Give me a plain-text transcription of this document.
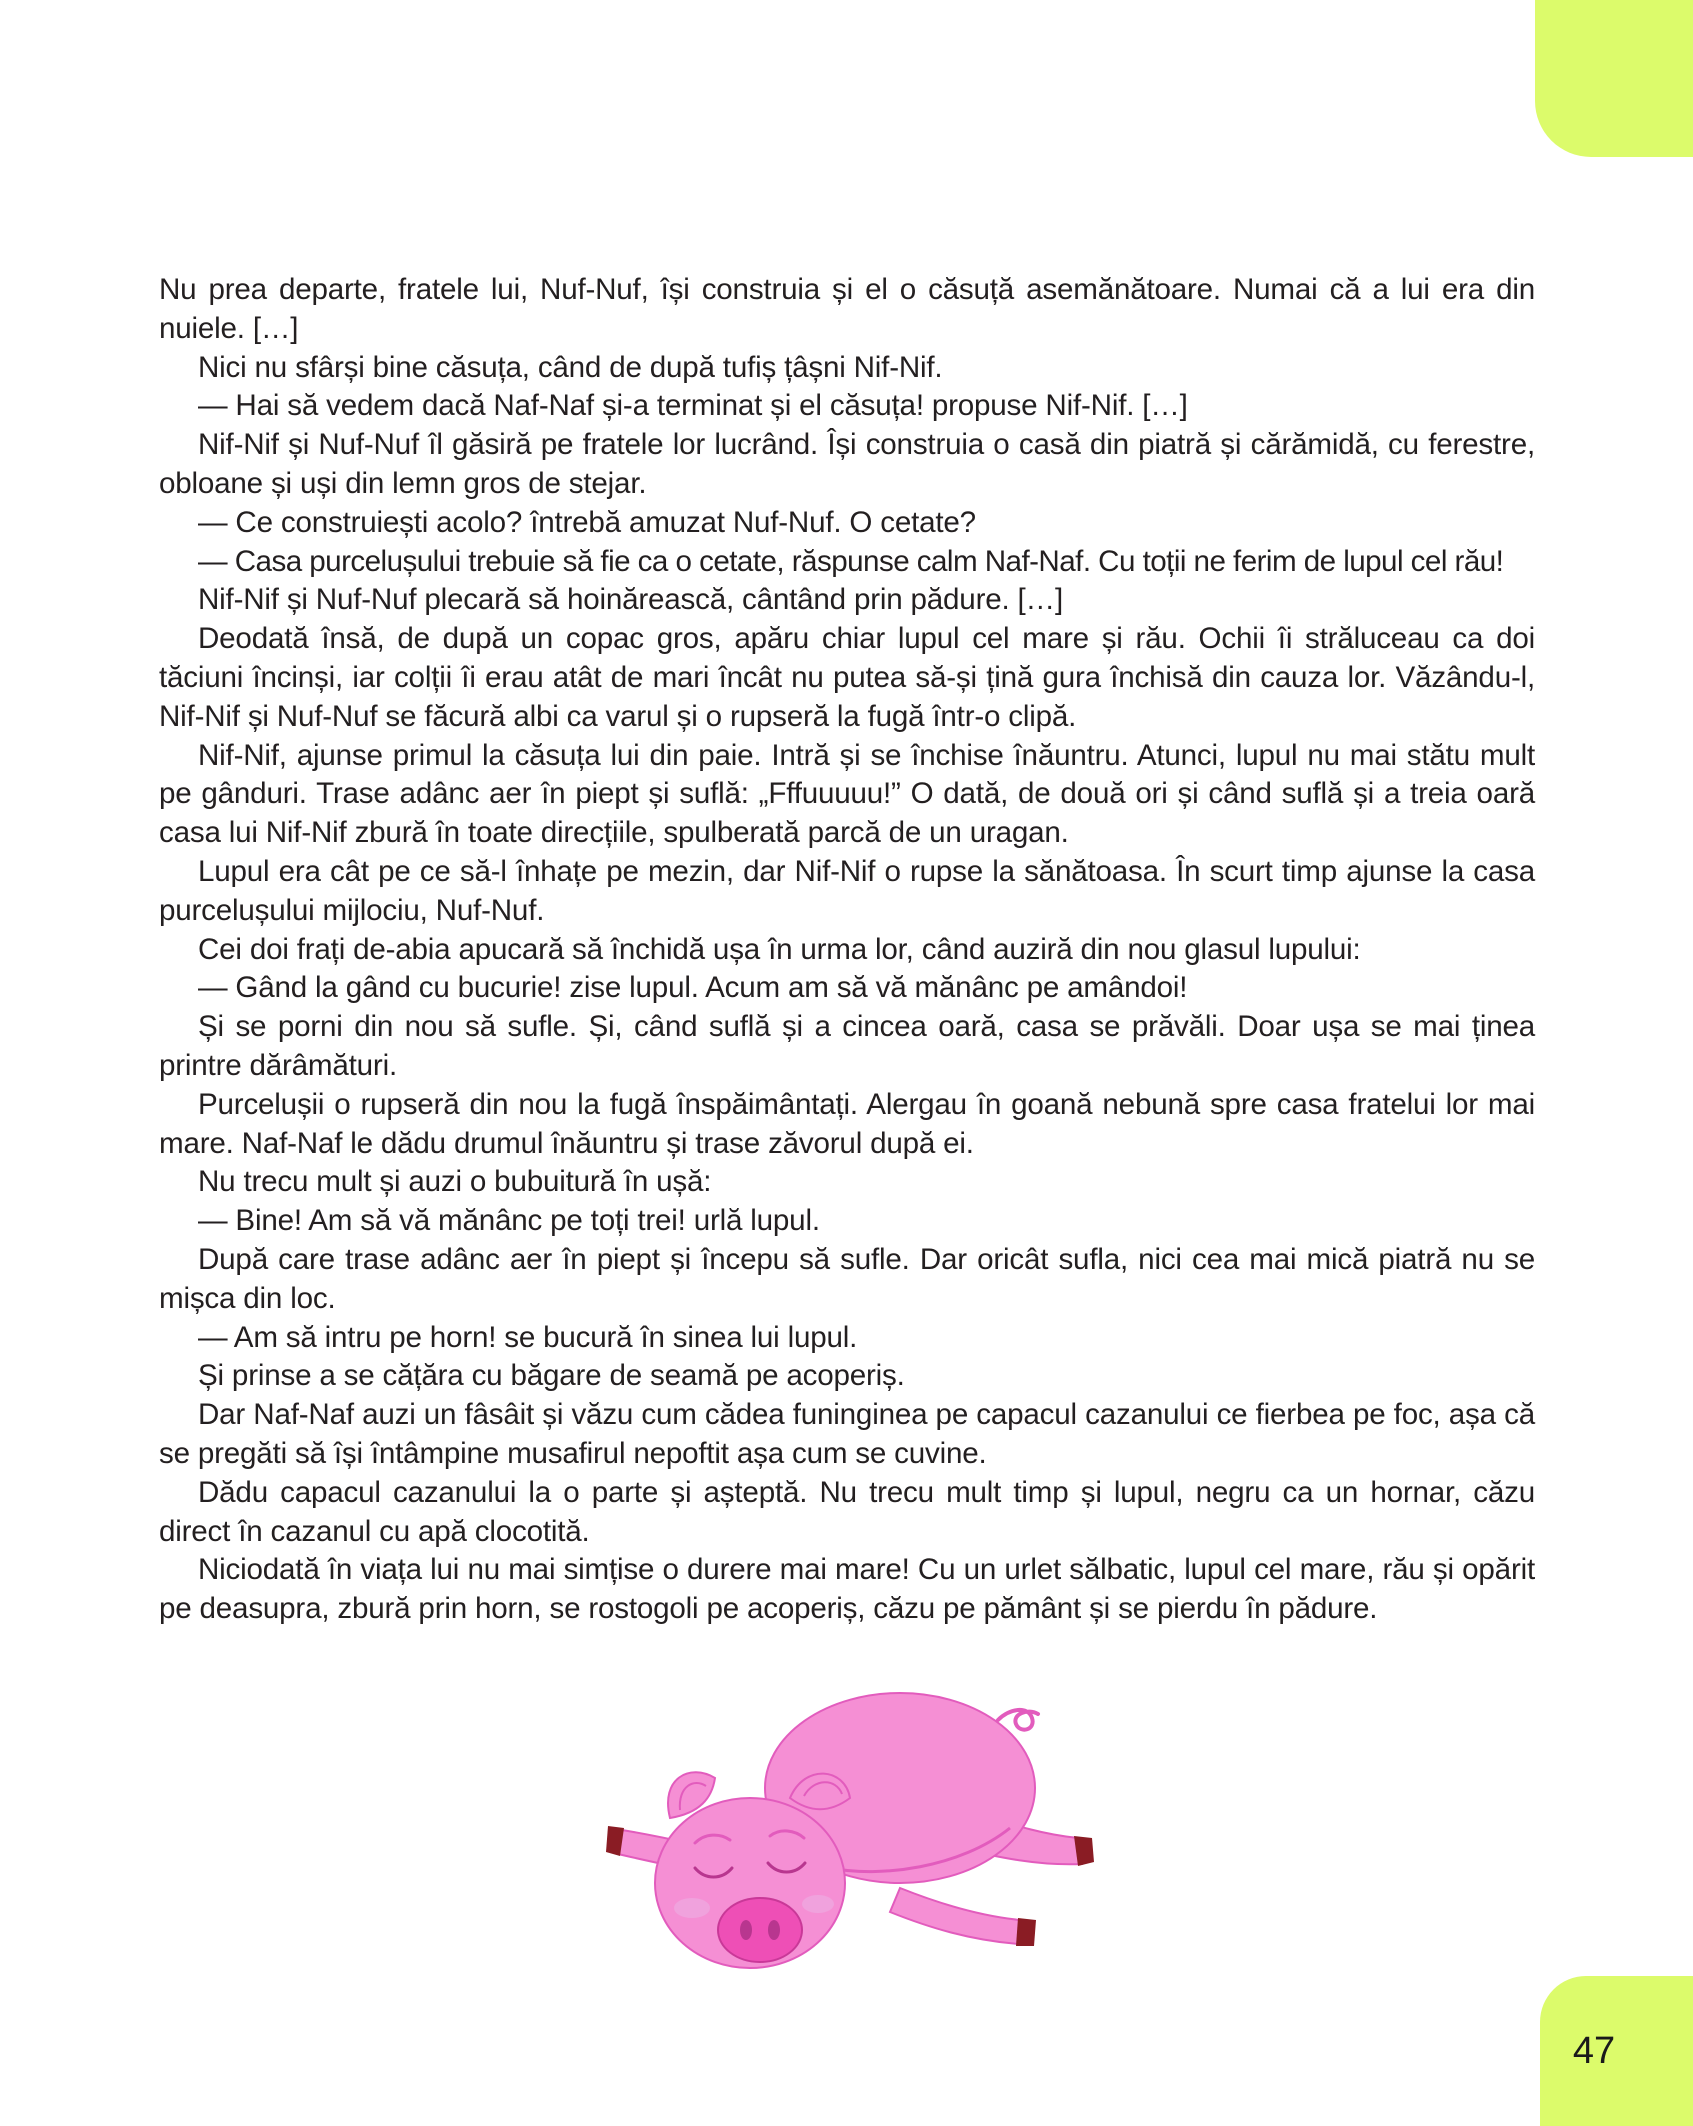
Nu prea departe, fratele lui, Nuf-Nuf, își construia și el o căsuță asemănătoare. Numai că a lui era din nuiele. […]

Nici nu sfârși bine căsuța, când de după tufiș țâșni Nif-Nif.

— Hai să vedem dacă Naf-Naf și-a terminat și el căsuța! propuse Nif-Nif. […]

Nif-Nif și Nuf-Nuf îl găsiră pe fratele lor lucrând. Își construia o casă din piatră și cărămidă, cu ferestre, obloane și uși din lemn gros de stejar.

— Ce construiești acolo? întrebă amuzat Nuf-Nuf. O cetate?

— Casa purcelușului trebuie să fie ca o cetate, răspunse calm Naf-Naf. Cu toții ne ferim de lupul cel rău!

Nif-Nif și Nuf-Nuf plecară să hoinărească, cântând prin pădure. […]

Deodată însă, de după un copac gros, apăru chiar lupul cel mare și rău. Ochii îi străluceau ca doi tăciuni încinși, iar colții îi erau atât de mari încât nu putea să-și țină gura închisă din cauza lor. Văzându-l, Nif-Nif și Nuf-Nuf se făcură albi ca varul și o rupseră la fugă într-o clipă.

Nif-Nif, ajunse primul la căsuța lui din paie. Intră și se închise înăuntru. Atunci, lupul nu mai stătu mult pe gânduri. Trase adânc aer în piept și suflă: „Fffuuuuu!” O dată, de două ori și când suflă și a treia oară casa lui Nif-Nif zbură în toate direcțiile, spulberată parcă de un uragan.

Lupul era cât pe ce să-l înhațe pe mezin, dar Nif-Nif o rupse la sănătoasa. În scurt timp ajunse la casa purcelușului mijlociu, Nuf-Nuf.

Cei doi frați de-abia apucară să închidă ușa în urma lor, când auziră din nou glasul lupului:

— Gând la gând cu bucurie! zise lupul. Acum am să vă mănânc pe amândoi!

Și se porni din nou să sufle. Și, când suflă și a cincea oară, casa se prăvăli. Doar ușa se mai ținea printre dărâmături.

Purcelușii o rupseră din nou la fugă înspăimântați. Alergau în goană nebună spre casa fratelui lor mai mare. Naf-Naf le dădu drumul înăuntru și trase zăvorul după ei.

Nu trecu mult și auzi o bubuitură în ușă:

— Bine! Am să vă mănânc pe toți trei! urlă lupul.

După care trase adânc aer în piept și începu să sufle. Dar oricât sufla, nici cea mai mică piatră nu se mișca din loc.

— Am să intru pe horn! se bucură în sinea lui lupul.

Și prinse a se cățăra cu băgare de seamă pe acoperiș.

Dar Naf-Naf auzi un fâsâit și văzu cum cădea funinginea pe capacul cazanului ce fierbea pe foc, așa că se pregăti să își întâmpine musafirul nepoftit așa cum se cuvine.

Dădu capacul cazanului la o parte și așteptă. Nu trecu mult timp și lupul, negru ca un hornar, căzu direct în cazanul cu apă clocotită.

Niciodată în viața lui nu mai simțise o durere mai mare! Cu un urlet sălbatic, lupul cel mare, rău și opărit pe deasupra, zbură prin horn, se rostogoli pe acoperiș, căzu pe pământ și se pierdu în pădure.

47
